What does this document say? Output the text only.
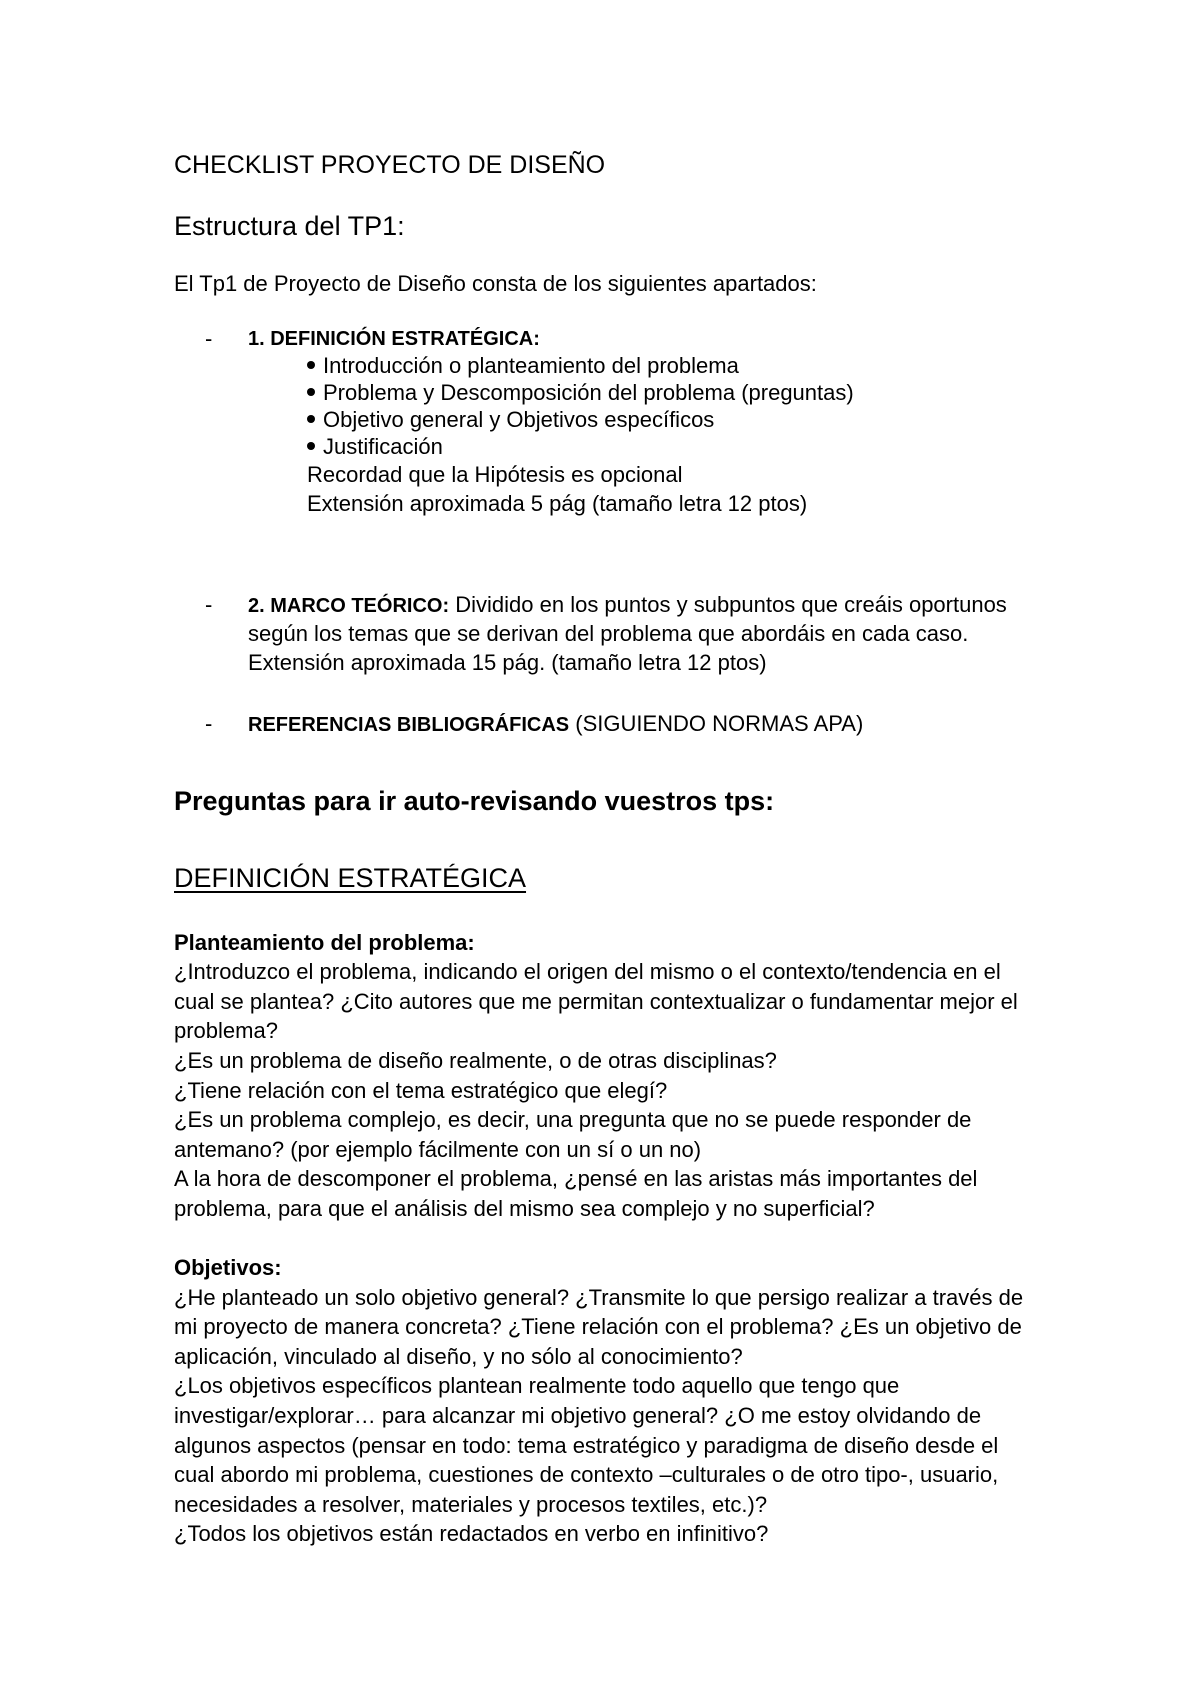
CHECKLIST PROYECTO DE DISEÑO
Estructura del TP1:
El Tp1 de Proyecto de Diseño consta de los siguientes apartados:
- 1. DEFINICIÓN ESTRATÉGICA:
Introducción o planteamiento del problema
Problema y Descomposición del problema (preguntas)
Objetivo general y Objetivos específicos
Justificación
Recordad que la Hipótesis es opcional
Extensión aproximada 5 pág (tamaño letra 12 ptos)
- 2. MARCO TEÓRICO: Dividido en los puntos y subpuntos que creáis oportunos
según los temas que se derivan del problema que abordáis en cada caso.
Extensión aproximada 15 pág. (tamaño letra 12 ptos)
- REFERENCIAS BIBLIOGRÁFICAS (SIGUIENDO NORMAS APA)
Preguntas para ir auto-revisando vuestros tps:
DEFINICIÓN ESTRATÉGICA
Planteamiento del problema:
¿Introduzco el problema, indicando el origen del mismo o el contexto/tendencia en el
cual se plantea? ¿Cito autores que me permitan contextualizar o fundamentar mejor el
problema?
¿Es un problema de diseño realmente, o de otras disciplinas?
¿Tiene relación con el tema estratégico que elegí?
¿Es un problema complejo, es decir, una pregunta que no se puede responder de
antemano? (por ejemplo fácilmente con un sí o un no)
A la hora de descomponer el problema, ¿pensé en las aristas más importantes del
problema, para que el análisis del mismo sea complejo y no superficial?
Objetivos:
¿He planteado un solo objetivo general? ¿Transmite lo que persigo realizar a través de
mi proyecto de manera concreta? ¿Tiene relación con el problema? ¿Es un objetivo de
aplicación, vinculado al diseño, y no sólo al conocimiento?
¿Los objetivos específicos plantean realmente todo aquello que tengo que
investigar/explorar… para alcanzar mi objetivo general? ¿O me estoy olvidando de
algunos aspectos (pensar en todo: tema estratégico y paradigma de diseño desde el
cual abordo mi problema, cuestiones de contexto –culturales o de otro tipo-, usuario,
necesidades a resolver, materiales y procesos textiles, etc.)?
¿Todos los objetivos están redactados en verbo en infinitivo?
